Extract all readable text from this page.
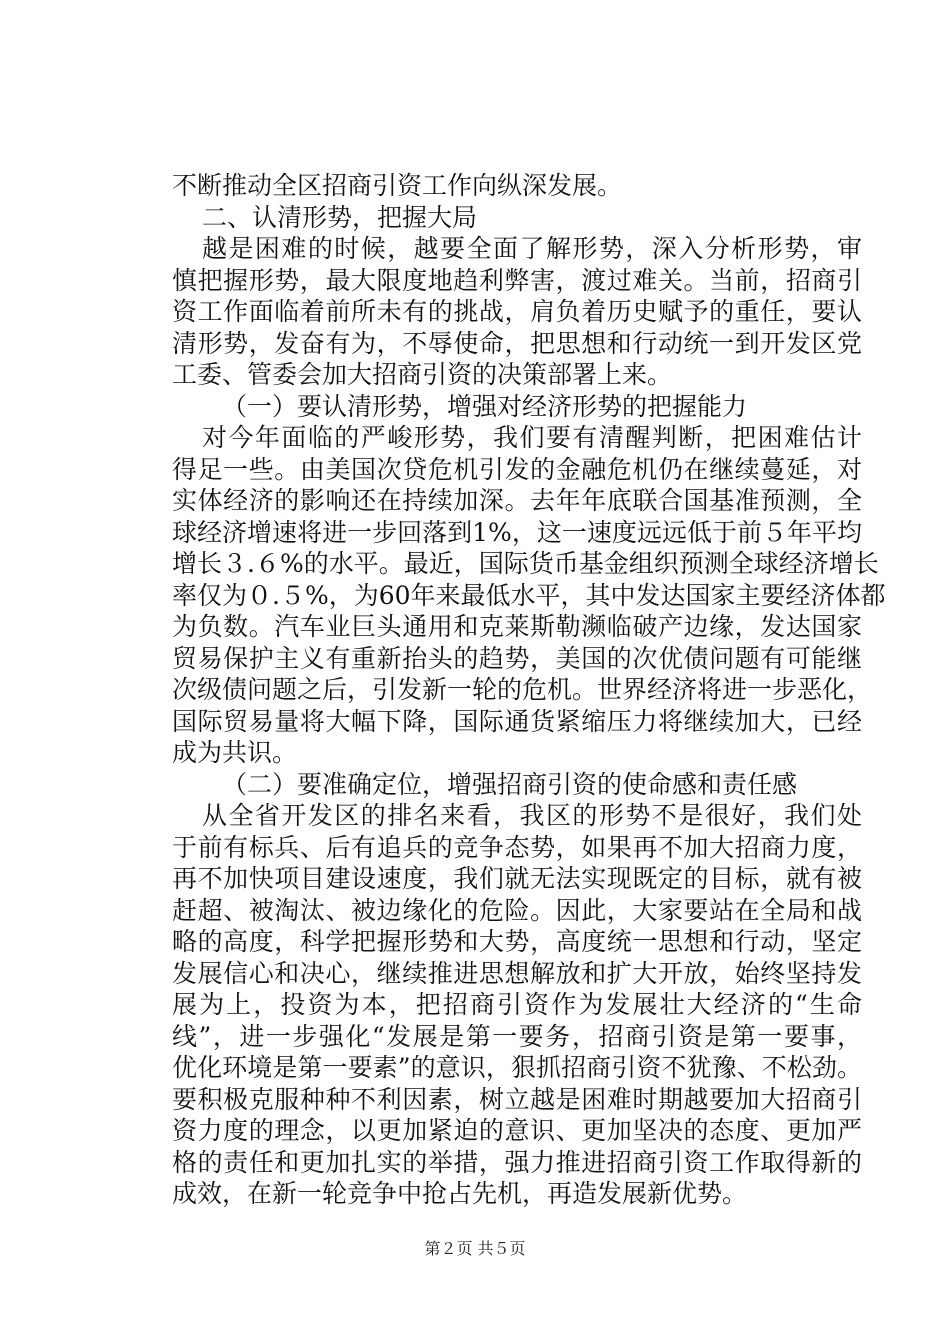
不断推动全区招商引资工作向纵深发展。
二、认清形势，把握大局
越是困难的时候，越要全面了解形势，深入分析形势，审
慎把握形势，最大限度地趋利弊害，渡过难关。当前，招商引
资工作面临着前所未有的挑战，肩负着历史赋予的重任，要认
清形势，发奋有为，不辱使命，把思想和行动统一到开发区党
工委、管委会加大招商引资的决策部署上来。
（一）要认清形势，增强对经济形势的把握能力
对今年面临的严峻形势，我们要有清醒判断，把困难估计
得足一些。由美国次贷危机引发的金融危机仍在继续蔓延，对
实体经济的影响还在持续加深。去年年底联合国基准预测，全
球经济增速将进一步回落到1%，这一速度远远低于前５年平均
增长３.６%的水平。最近，国际货币基金组织预测全球经济增长
率仅为０.５%，为60年来最低水平，其中发达国家主要经济体都
为负数。汽车业巨头通用和克莱斯勒濒临破产边缘，发达国家
贸易保护主义有重新抬头的趋势，美国的次优债问题有可能继
次级债问题之后，引发新一轮的危机。世界经济将进一步恶化，
国际贸易量将大幅下降，国际通货紧缩压力将继续加大，已经
成为共识。
（二）要准确定位，增强招商引资的使命感和责任感
从全省开发区的排名来看，我区的形势不是很好，我们处
于前有标兵、后有追兵的竞争态势，如果再不加大招商力度，
再不加快项目建设速度，我们就无法实现既定的目标，就有被
赶超、被淘汰、被边缘化的危险。因此，大家要站在全局和战
略的高度，科学把握形势和大势，高度统一思想和行动，坚定
发展信心和决心，继续推进思想解放和扩大开放，始终坚持发
展为上，投资为本，把招商引资作为发展壮大经济的“生命
线”，进一步强化“发展是第一要务，招商引资是第一要事，
优化环境是第一要素”的意识，狠抓招商引资不犹豫、不松劲。
要积极克服种种不利因素，树立越是困难时期越要加大招商引
资力度的理念，以更加紧迫的意识、更加坚决的态度、更加严
格的责任和更加扎实的举措，强力推进招商引资工作取得新的
成效，在新一轮竞争中抢占先机，再造发展新优势。
第２页 共５页
